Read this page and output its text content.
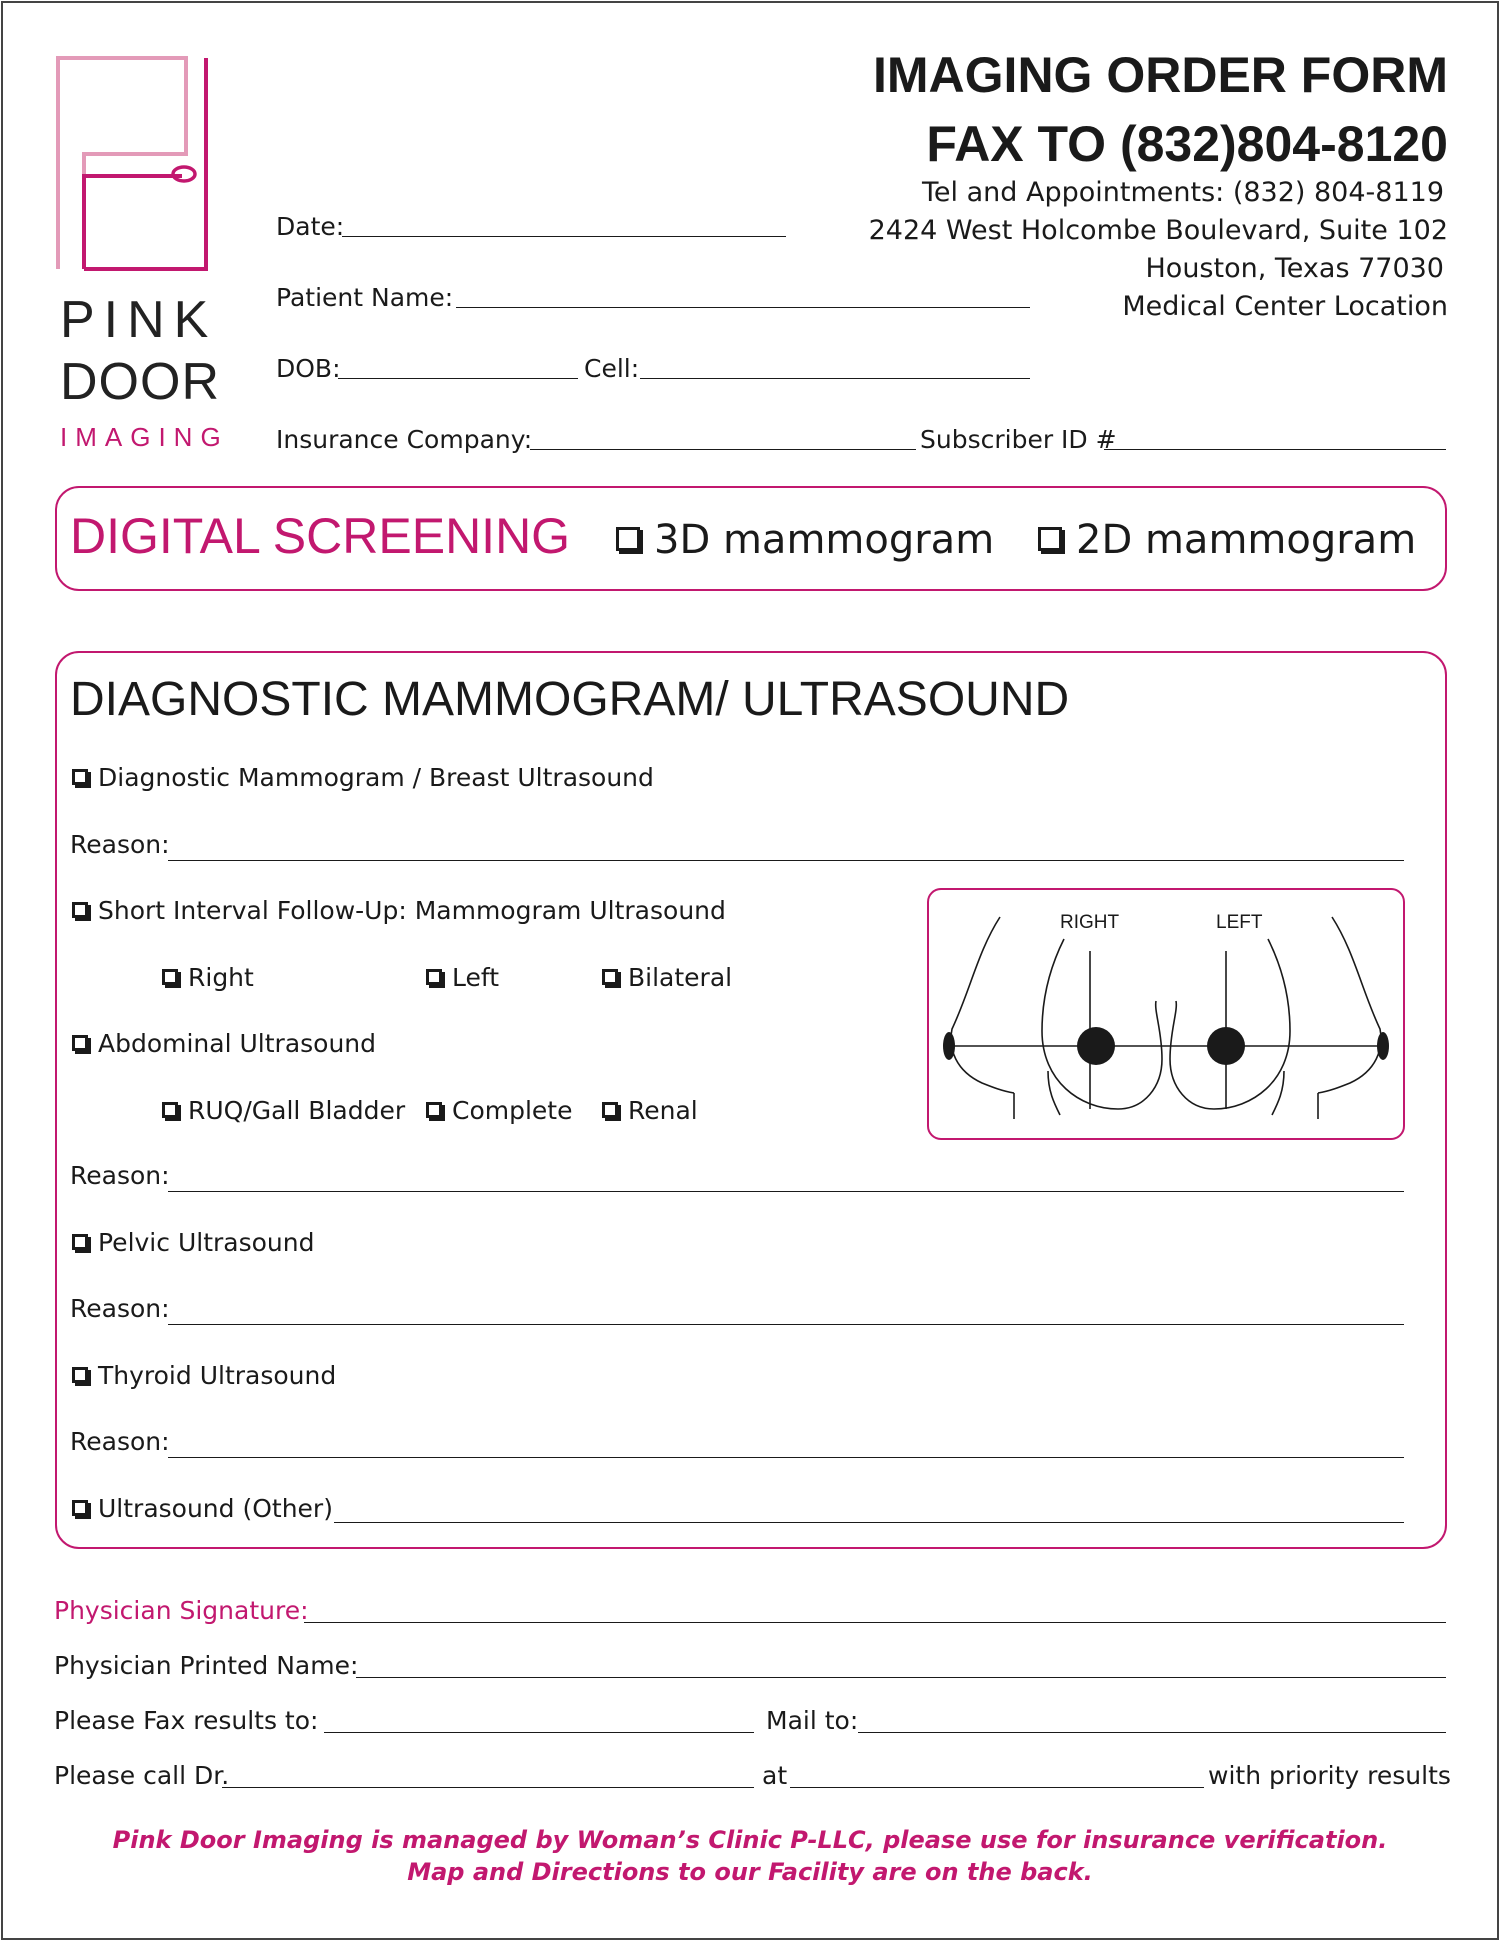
PINK
DOOR
IMAGING
IMAGING ORDER FORM
FAX TO (832)804-8120
Tel and Appointments: (832) 804-8119
2424 West Holcombe Boulevard, Suite 102
Houston, Texas 77030
Medical Center Location
Date:
Patient Name:
DOB:	Cell:
Insurance Company:	Subscriber ID #
DIGITAL SCREENING	3D mammogram	2D mammogram
DIAGNOSTIC MAMMOGRAM/ ULTRASOUND
Diagnostic Mammogram / Breast Ultrasound
Reason:
Short Interval Follow-Up: Mammogram Ultrasound
Right	Left	Bilateral
Abdominal Ultrasound
RUQ/Gall Bladder	Complete	Renal
Reason:
Pelvic Ultrasound
Reason:
Thyroid Ultrasound
Reason:
Ultrasound (Other)
RIGHT	LEFT
Physician Signature:
Physician Printed Name:
Please Fax results to:	Mail to:
Please call Dr.	at	with priority results
Pink Door Imaging is managed by Woman’s Clinic P-LLC, please use for insurance verification.
Map and Directions to our Facility are on the back.
